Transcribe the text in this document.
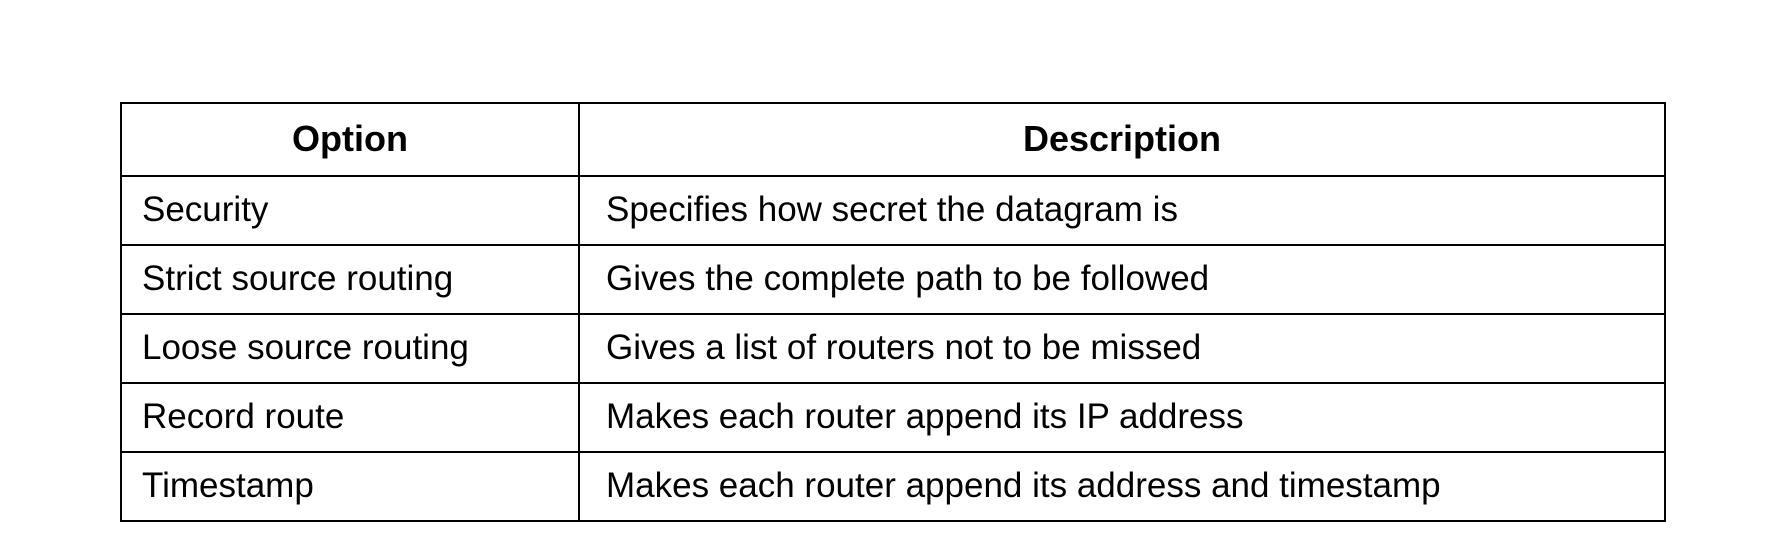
Option	Description
Security	Specifies how secret the datagram is
Strict source routing	Gives the complete path to be followed
Loose source routing	Gives a list of routers not to be missed
Record route	Makes each router append its IP address
Timestamp	Makes each router append its address and timestamp
